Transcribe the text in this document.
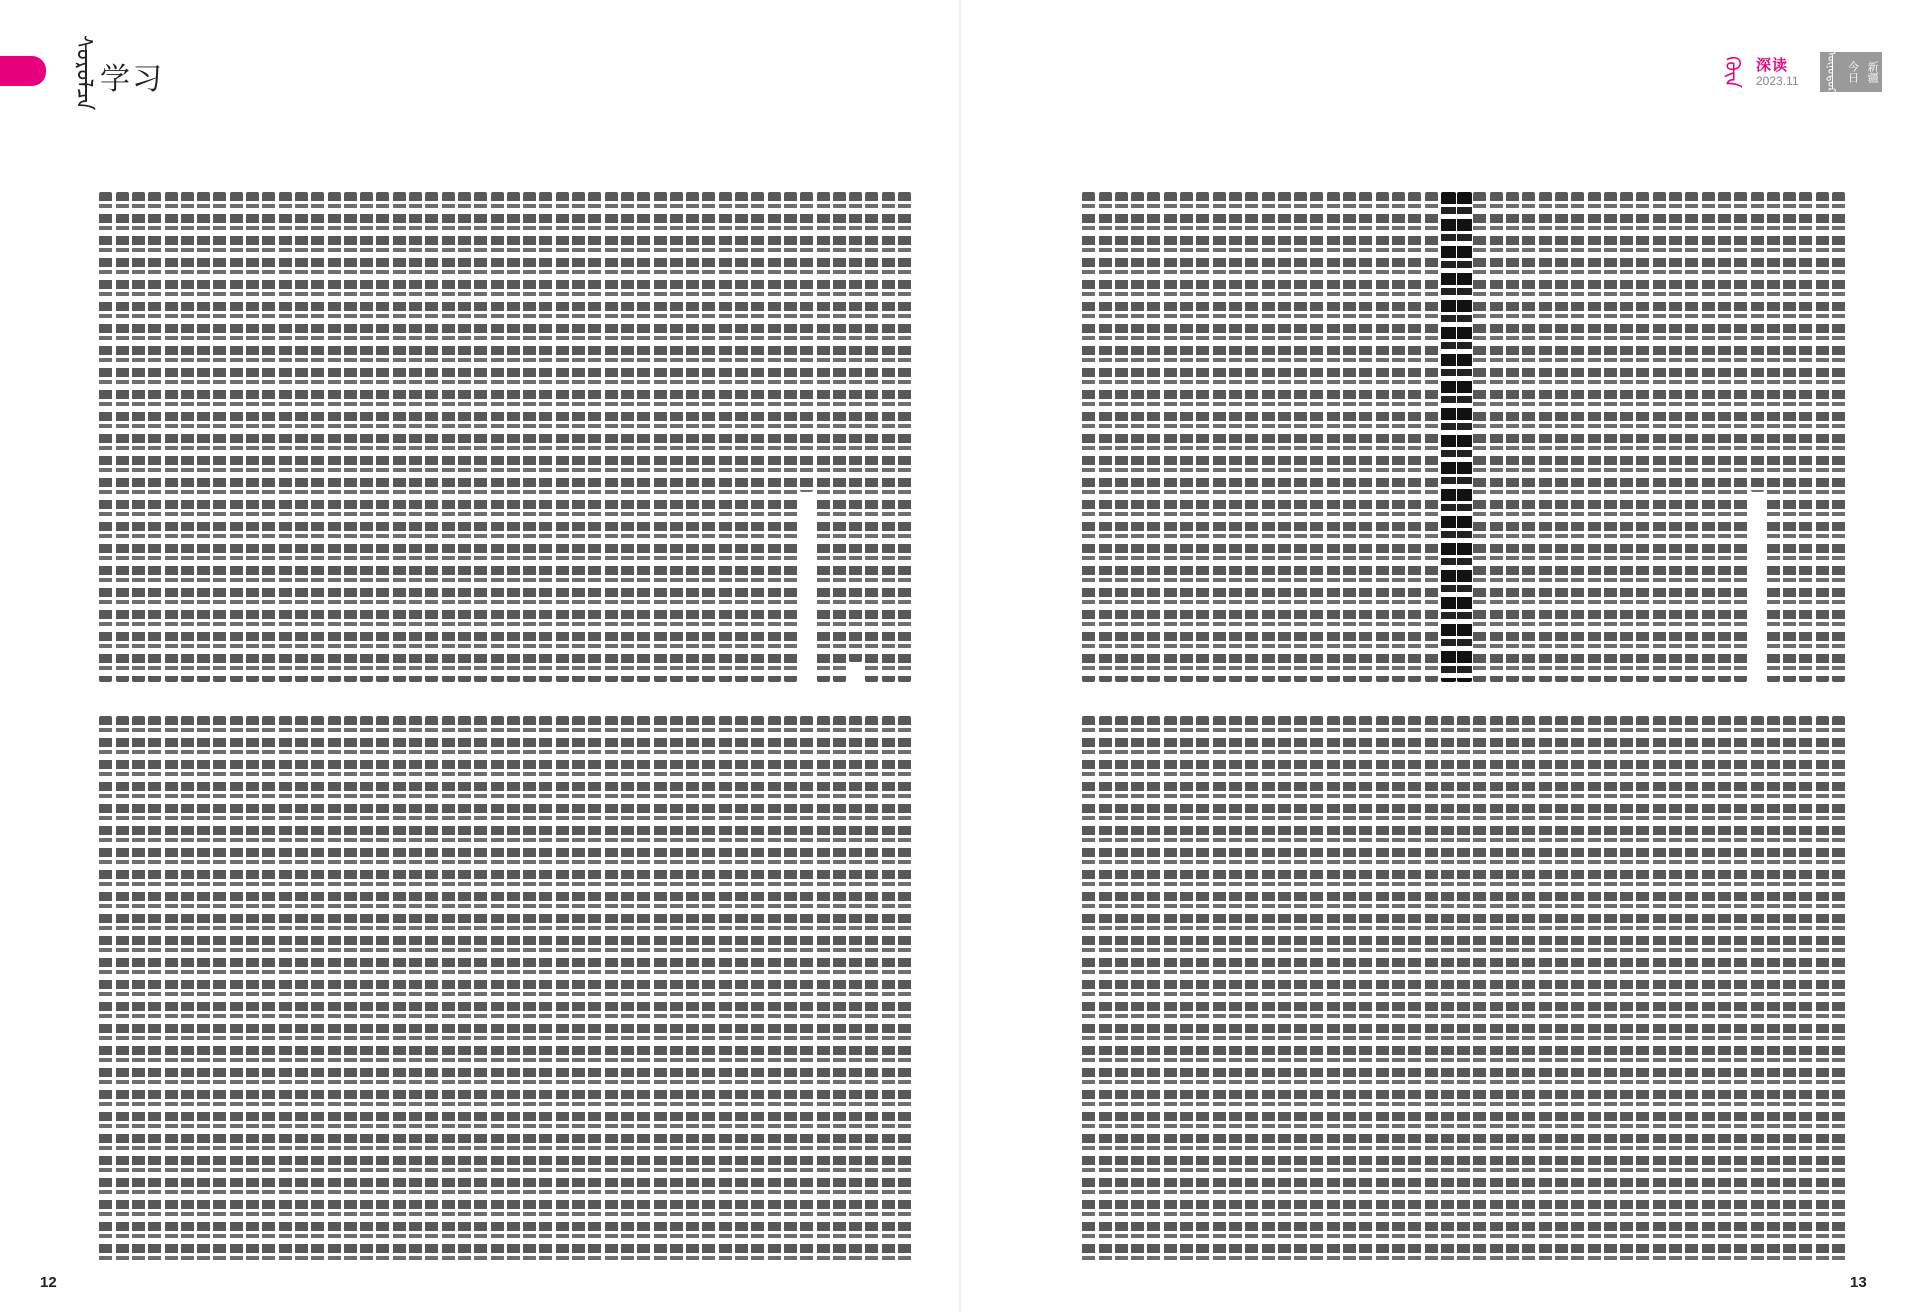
ᠰᠤᠷᠤᠯᠴᠠ 学习	ᠭᠦᠨ 深读
2023.11 ᠥᠨᠥᠳᠥᠷ 今日 新疆
12	13
